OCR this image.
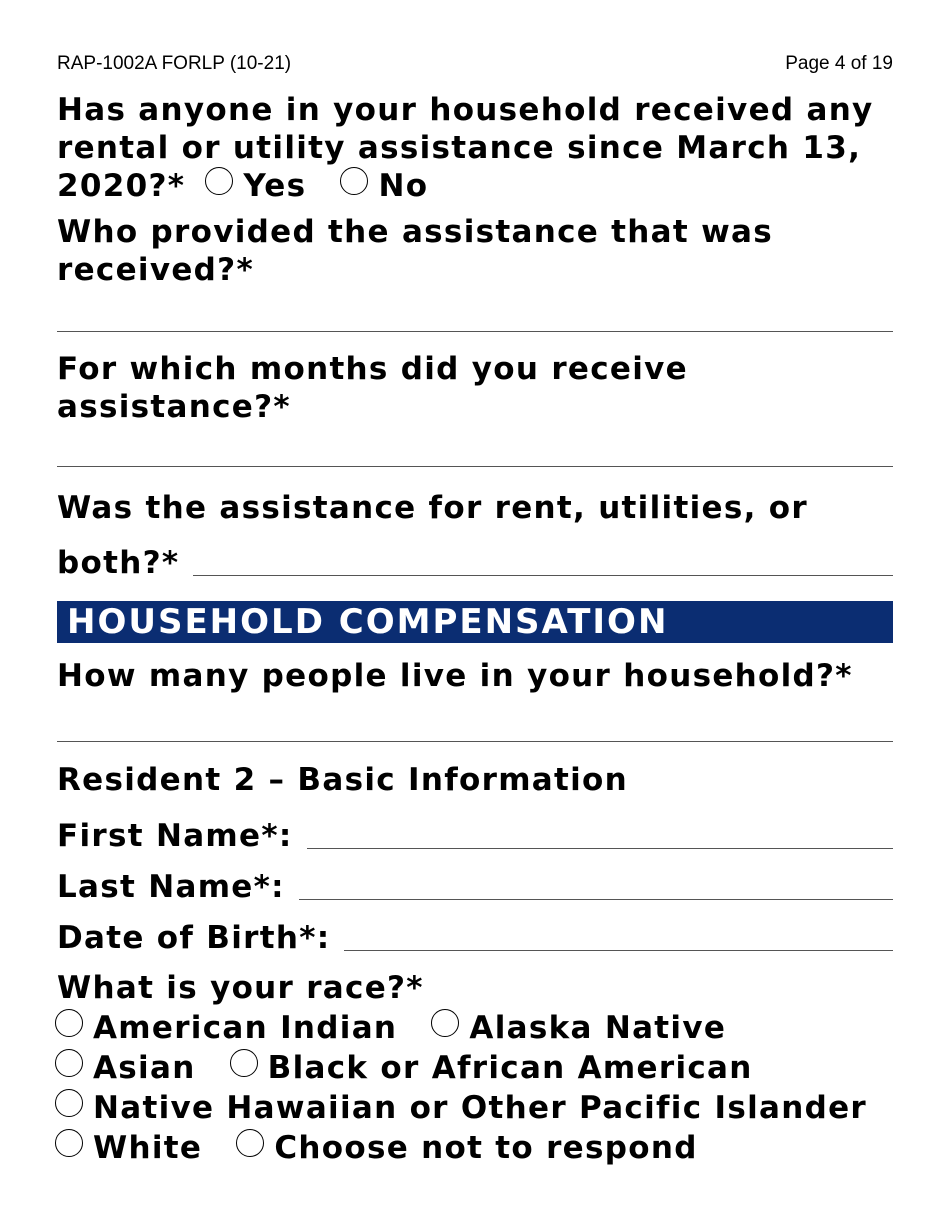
RAP-1002A FORLP (10-21)	Page 4 of 19
Has anyone in your household received any rental or utility assistance since March 13, 2020?* Yes No
Who provided the assistance that was received?*
For which months did you receive assistance?*
Was the assistance for rent, utilities, or
both?*
HOUSEHOLD COMPENSATION
How many people live in your household?*
Resident 2 – Basic Information
First Name*:
Last Name*:
Date of Birth*:
What is your race?*
American Indian Alaska Native
Asian Black or African American
Native Hawaiian or Other Pacific Islander
White Choose not to respond
